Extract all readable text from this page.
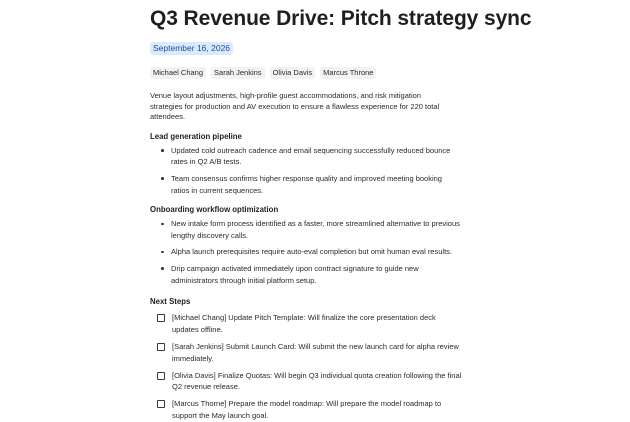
Q3 Revenue Drive: Pitch strategy sync
September 16, 2026
Michael Chang	Sarah Jenkins	Olivia Davis	Marcus Throne
Venue layout adjustments, high-profile guest accommodations, and risk mitigation strategies for production and AV execution to ensure a flawless experience for 220 total attendees.
Lead generation pipeline
Updated cold outreach cadence and email sequencing successfully reduced bounce rates in Q2 A/B tests.
Team consensus confirms higher response quality and improved meeting booking ratios in current sequences.
Onboarding workflow optimization
New intake form process identified as a faster, more streamlined alternative to previous lengthy discovery calls.
Alpha launch prerequisites require auto-eval completion but omit human eval results.
Drip campaign activated immediately upon contract signature to guide new administrators through initial platform setup.
Next Steps
[Michael Chang] Update Pitch Template: Will finalize the core presentation deck updates offline.
[Sarah Jenkins] Submit Launch Card: Will submit the new launch card for alpha review immediately.
[Olivia Davis] Finalize Quotas: Will begin Q3 individual quota creation following the final Q2 revenue release.
[Marcus Thorne] Prepare the model roadmap: Will prepare the model roadmap to support the May launch goal.
